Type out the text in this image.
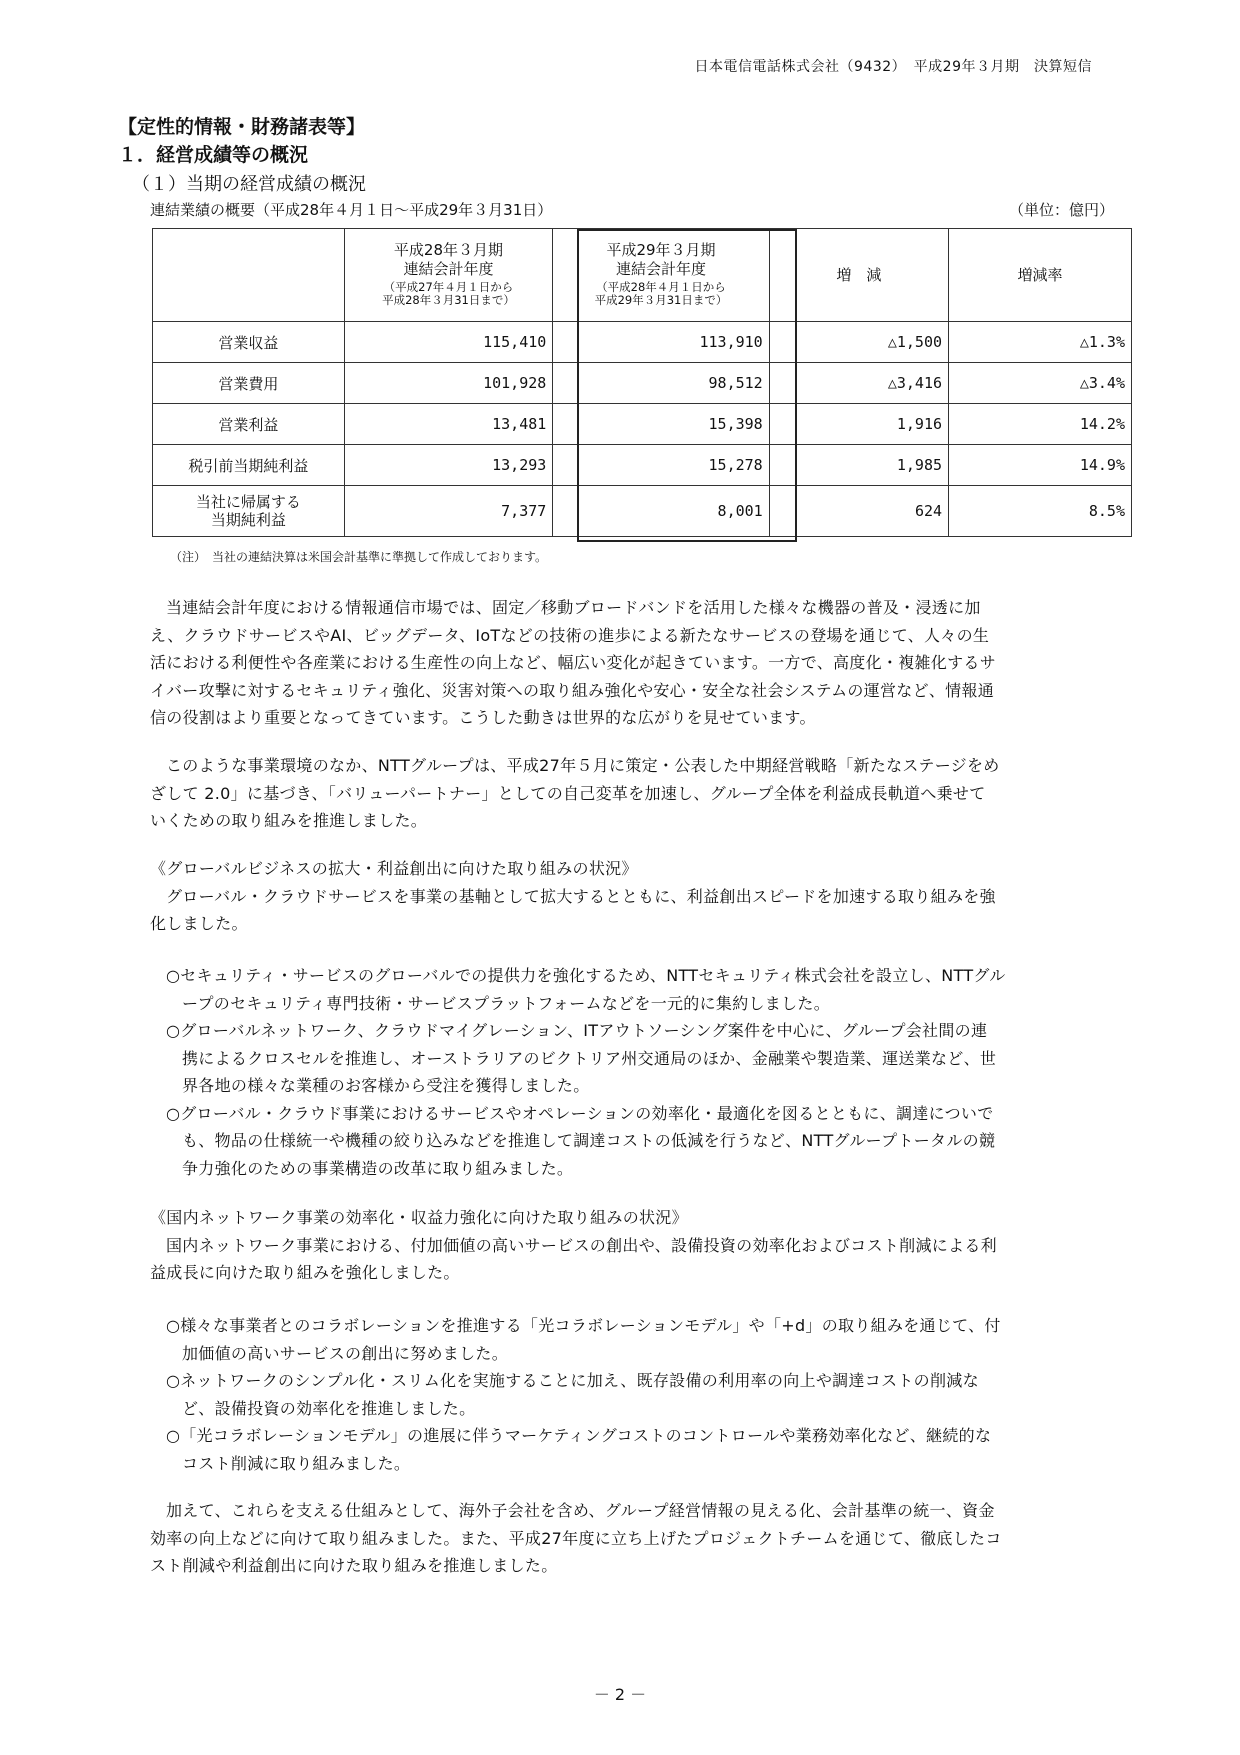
日本電信電話株式会社（9432）　平成29年３月期　決算短信
【定性的情報・財務諸表等】
１．経営成績等の概況
（１）当期の経営成績の概況
連結業績の概要（平成28年４月１日～平成29年３月31日）	（単位：億円）
	平成28年３月期
連結会計年度
（平成27年４月１日から
平成28年３月31日まで）	平成29年３月期
連結会計年度
（平成28年４月１日から
平成29年３月31日まで）	増　減	増減率
営業収益	115,410	113,910	△1,500	△1.3%
営業費用	101,928	98,512	△3,416	△3.4%
営業利益	13,481	15,398	1,916	14.2%
税引前当期純利益	13,293	15,278	1,985	14.9%
当社に帰属する
当期純利益	7,377	8,001	624	8.5%
（注）　当社の連結決算は米国会計基準に準拠して作成しております。

当連結会計年度における情報通信市場では、固定／移動ブロードバンドを活用した様々な機器の普及・浸透に加

え、クラウドサービスやAI、ビッグデータ、IoTなどの技術の進歩による新たなサービスの登場を通じて、人々の生

活における利便性や各産業における生産性の向上など、幅広い変化が起きています。一方で、高度化・複雑化するサ

イバー攻撃に対するセキュリティ強化、災害対策への取り組み強化や安心・安全な社会システムの運営など、情報通

信の役割はより重要となってきています。こうした動きは世界的な広がりを見せています。

このような事業環境のなか、NTTグループは、平成27年５月に策定・公表した中期経営戦略「新たなステージをめ

ざして 2.0」に基づき、「バリューパートナー」としての自己変革を加速し、グループ全体を利益成長軌道へ乗せて

いくための取り組みを推進しました。

《グローバルビジネスの拡大・利益創出に向けた取り組みの状況》

グローバル・クラウドサービスを事業の基軸として拡大するとともに、利益創出スピードを加速する取り組みを強

化しました。

○セキュリティ・サービスのグローバルでの提供力を強化するため、NTTセキュリティ株式会社を設立し、NTTグル

ープのセキュリティ専門技術・サービスプラットフォームなどを一元的に集約しました。

○グローバルネットワーク、クラウドマイグレーション、ITアウトソーシング案件を中心に、グループ会社間の連

携によるクロスセルを推進し、オーストラリアのビクトリア州交通局のほか、金融業や製造業、運送業など、世

界各地の様々な業種のお客様から受注を獲得しました。

○グローバル・クラウド事業におけるサービスやオペレーションの効率化・最適化を図るとともに、調達についで

も、物品の仕様統一や機種の絞り込みなどを推進して調達コストの低減を行うなど、NTTグループトータルの競

争力強化のための事業構造の改革に取り組みました。

《国内ネットワーク事業の効率化・収益力強化に向けた取り組みの状況》

国内ネットワーク事業における、付加価値の高いサービスの創出や、設備投資の効率化およびコスト削減による利

益成長に向けた取り組みを強化しました。

○様々な事業者とのコラボレーションを推進する「光コラボレーションモデル」や「+d」の取り組みを通じて、付

加価値の高いサービスの創出に努めました。

○ネットワークのシンプル化・スリム化を実施することに加え、既存設備の利用率の向上や調達コストの削減な

ど、設備投資の効率化を推進しました。

○「光コラボレーションモデル」の進展に伴うマーケティングコストのコントロールや業務効率化など、継続的な

コスト削減に取り組みました。

加えて、これらを支える仕組みとして、海外子会社を含め、グループ経営情報の見える化、会計基準の統一、資金

効率の向上などに向けて取り組みました。また、平成27年度に立ち上げたプロジェクトチームを通じて、徹底したコ

スト削減や利益創出に向けた取り組みを推進しました。

－ 2 －
